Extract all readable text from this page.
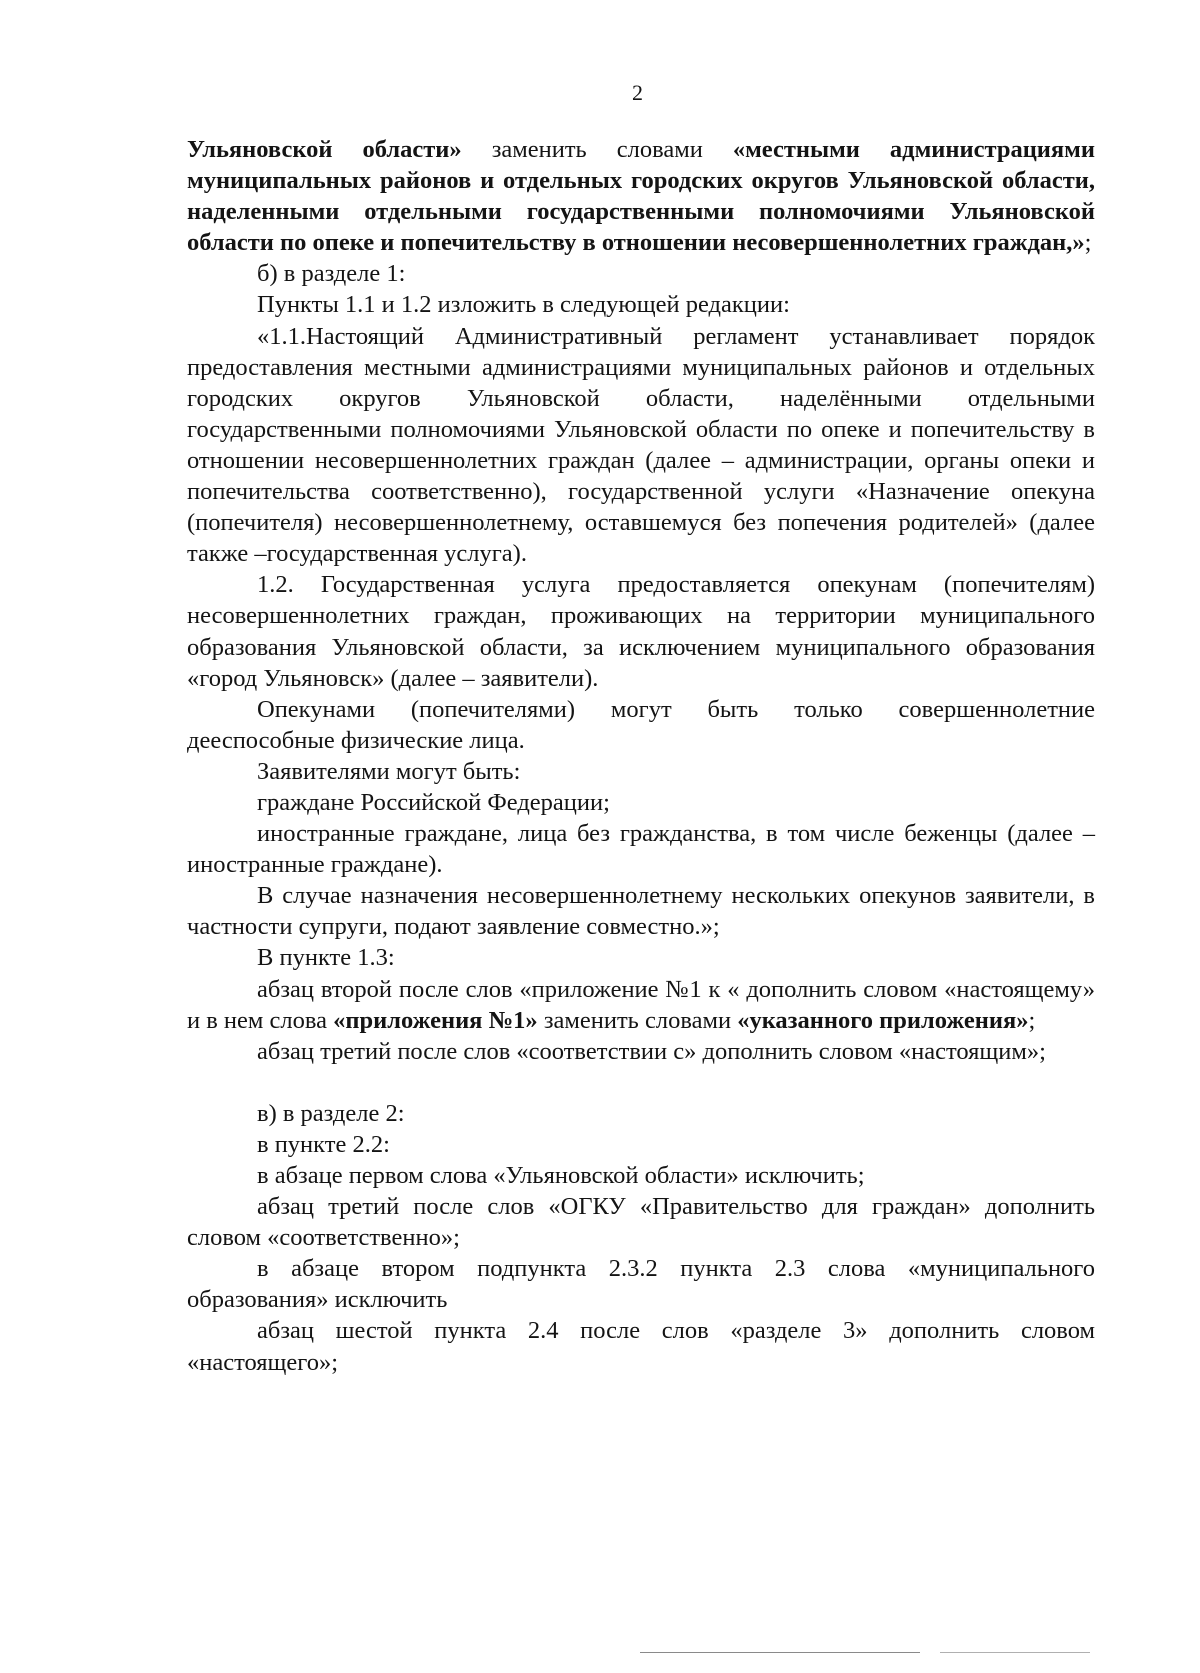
2

Ульяновской области» заменить словами «местными администрациями муниципальных районов и отдельных городских округов Ульяновской области, наделенными отдельными государственными полномочиями Ульяновской области по опеке и попечительству в отношении несовершеннолетних граждан,»;

б) в разделе 1:

Пункты 1.1 и 1.2 изложить в следующей редакции:

«1.1.Настоящий Административный регламент устанавливает порядок предоставления местными администрациями муниципальных районов и отдельных городских округов Ульяновской области, наделёнными отдельными государственными полномочиями Ульяновской области по опеке и попечительству в отношении несовершеннолетних граждан (далее – администрации, органы опеки и попечительства соответственно), государственной услуги «Назначение опекуна (попечителя) несовершеннолетнему, оставшемуся без попечения родителей» (далее также –государственная услуга).

1.2. Государственная услуга предоставляется опекунам (попечителям) несовершеннолетних граждан, проживающих на территории муниципального образования Ульяновской области, за исключением муниципального образования «город Ульяновск» (далее – заявители).

Опекунами (попечителями) могут быть только совершеннолетние дееспособные физические лица.

Заявителями могут быть:

граждане Российской Федерации;

иностранные граждане, лица без гражданства, в том числе беженцы (далее – иностранные граждане).

В случае назначения несовершеннолетнему нескольких опекунов заявители, в частности супруги, подают заявление совместно.»;

В пункте 1.3:

абзац второй после слов «приложение №1 к « дополнить словом «настоящему» и в нем слова «приложения №1» заменить словами «указанного приложения»;

абзац третий после слов «соответствии с» дополнить словом «настоящим»;

в) в разделе 2:

в пункте 2.2:

в абзаце первом слова «Ульяновской области» исключить;

абзац третий после слов «ОГКУ «Правительство для граждан» дополнить словом «соответственно»;

в абзаце втором подпункта 2.3.2 пункта 2.3 слова «муниципального образования» исключить

абзац шестой пункта 2.4 после слов «разделе 3» дополнить словом «настоящего»;
